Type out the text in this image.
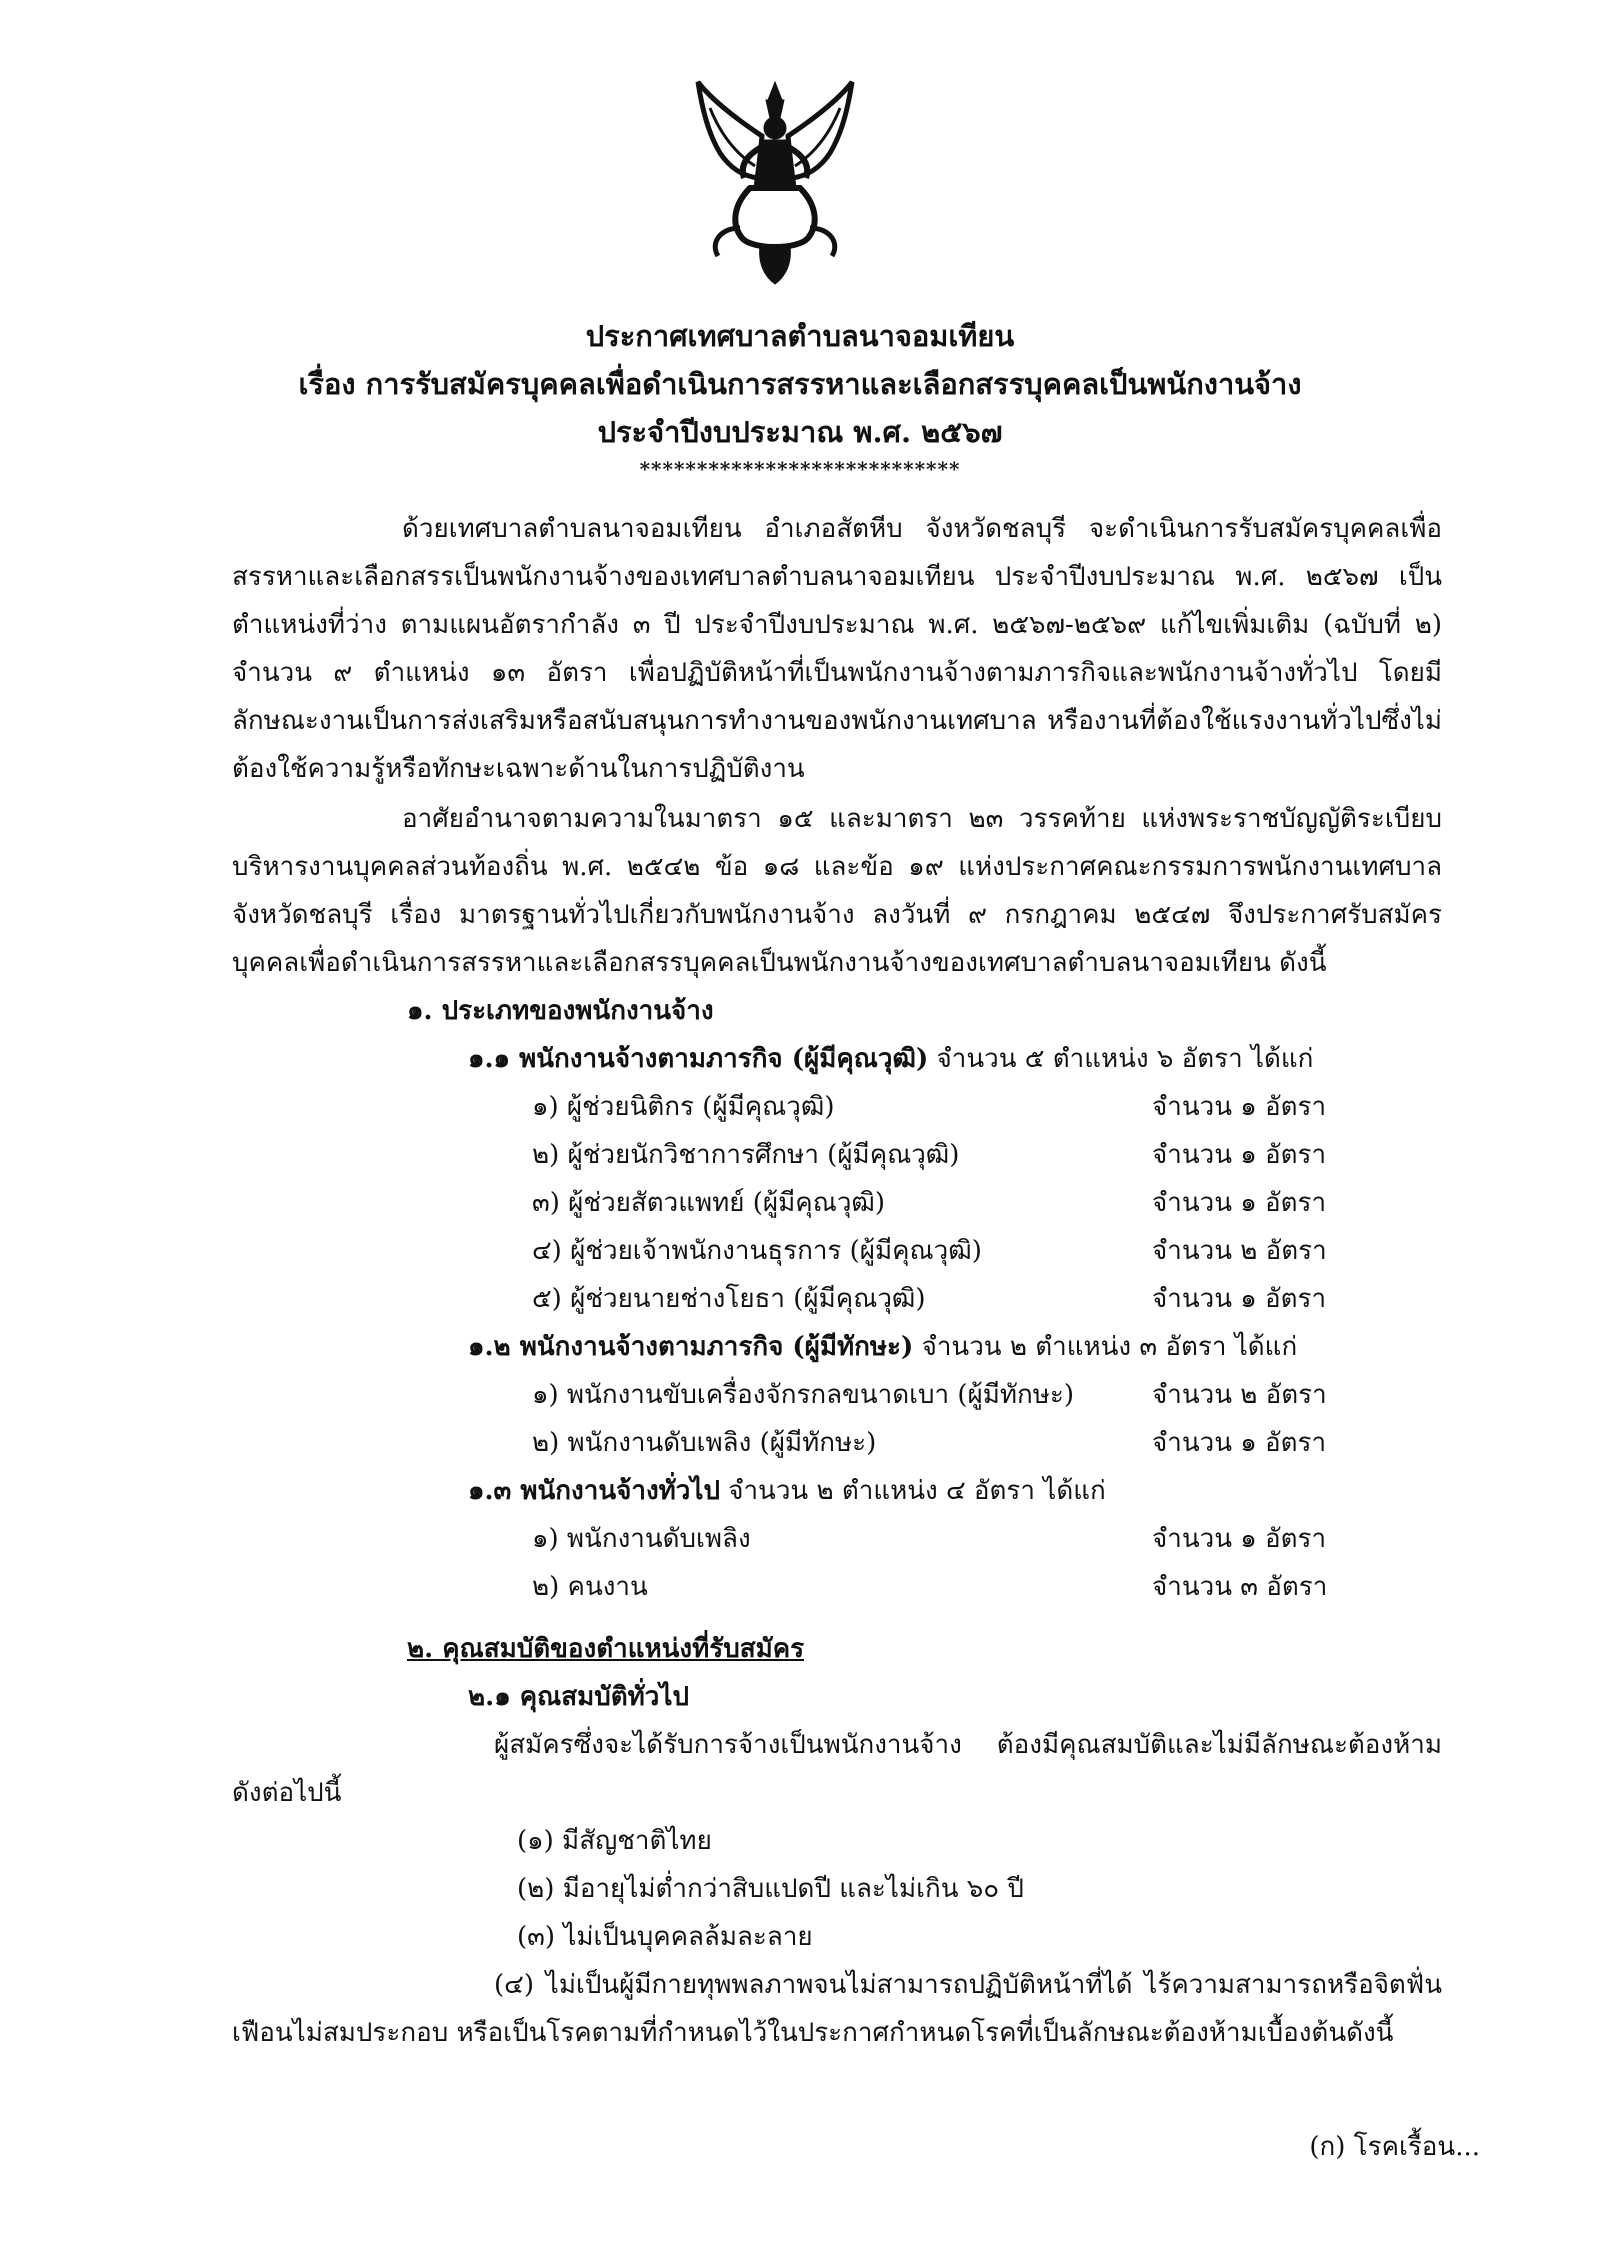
ประกาศเทศบาลตำบลนาจอมเทียน
เรื่อง การรับสมัครบุคคลเพื่อดำเนินการสรรหาและเลือกสรรบุคคลเป็นพนักงานจ้าง
ประจำปีงบประมาณ พ.ศ. ๒๕๖๗
****************************

ด้วยเทศบาลตำบลนาจอมเทียน อำเภอสัตหีบ จังหวัดชลบุรี จะดำเนินการรับสมัครบุคคลเพื่อสรรหาและเลือกสรรเป็นพนักงานจ้างของเทศบาลตำบลนาจอมเทียน ประจำปีงบประมาณ พ.ศ. ๒๕๖๗ เป็นตำแหน่งที่ว่าง ตามแผนอัตรากำลัง ๓ ปี ประจำปีงบประมาณ พ.ศ. ๒๕๖๗-๒๕๖๙ แก้ไขเพิ่มเติม (ฉบับที่ ๒) จำนวน ๙ ตำแหน่ง ๑๓ อัตรา เพื่อปฏิบัติหน้าที่เป็นพนักงานจ้างตามภารกิจและพนักงานจ้างทั่วไป โดยมีลักษณะงานเป็นการส่งเสริมหรือสนับสนุนการทำงานของพนักงานเทศบาล หรืองานที่ต้องใช้แรงงานทั่วไปซึ่งไม่ต้องใช้ความรู้หรือทักษะเฉพาะด้านในการปฏิบัติงาน

อาศัยอำนาจตามความในมาตรา ๑๕ และมาตรา ๒๓ วรรคท้าย แห่งพระราชบัญญัติระเบียบบริหารงานบุคคลส่วนท้องถิ่น พ.ศ. ๒๕๔๒ ข้อ ๑๘ และข้อ ๑๙ แห่งประกาศคณะกรรมการพนักงานเทศบาลจังหวัดชลบุรี เรื่อง มาตรฐานทั่วไปเกี่ยวกับพนักงานจ้าง ลงวันที่ ๙ กรกฎาคม ๒๕๔๗ จึงประกาศรับสมัครบุคคลเพื่อดำเนินการสรรหาและเลือกสรรบุคคลเป็นพนักงานจ้างของเทศบาลตำบลนาจอมเทียน ดังนี้

๑. ประเภทของพนักงานจ้าง
๑.๑ พนักงานจ้างตามภารกิจ (ผู้มีคุณวุฒิ) จำนวน ๕ ตำแหน่ง ๖ อัตรา ได้แก่
๑) ผู้ช่วยนิติกร (ผู้มีคุณวุฒิ)	จำนวน ๑ อัตรา
๒) ผู้ช่วยนักวิชาการศึกษา (ผู้มีคุณวุฒิ)	จำนวน ๑ อัตรา
๓) ผู้ช่วยสัตวแพทย์ (ผู้มีคุณวุฒิ)	จำนวน ๑ อัตรา
๔) ผู้ช่วยเจ้าพนักงานธุรการ (ผู้มีคุณวุฒิ)	จำนวน ๒ อัตรา
๕) ผู้ช่วยนายช่างโยธา (ผู้มีคุณวุฒิ)	จำนวน ๑ อัตรา
๑.๒ พนักงานจ้างตามภารกิจ (ผู้มีทักษะ) จำนวน ๒ ตำแหน่ง ๓ อัตรา ได้แก่
๑) พนักงานขับเครื่องจักรกลขนาดเบา (ผู้มีทักษะ)	จำนวน ๒ อัตรา
๒) พนักงานดับเพลิง (ผู้มีทักษะ)	จำนวน ๑ อัตรา
๑.๓ พนักงานจ้างทั่วไป จำนวน ๒ ตำแหน่ง ๔ อัตรา ได้แก่
๑) พนักงานดับเพลิง	จำนวน ๑ อัตรา
๒) คนงาน	จำนวน ๓ อัตรา
๒. คุณสมบัติของตำแหน่งที่รับสมัคร
๒.๑ คุณสมบัติทั่วไป

ผู้สมัครซึ่งจะได้รับการจ้างเป็นพนักงานจ้าง ต้องมีคุณสมบัติและไม่มีลักษณะต้องห้ามดังต่อไปนี้

(๑) มีสัญชาติไทย
(๒) มีอายุไม่ต่ำกว่าสิบแปดปี และไม่เกิน ๖๐ ปี
(๓) ไม่เป็นบุคคลล้มละลาย

(๔) ไม่เป็นผู้มีกายทุพพลภาพจนไม่สามารถปฏิบัติหน้าที่ได้ ไร้ความสามารถหรือจิตฟั่นเฟือนไม่สมประกอบ หรือเป็นโรคตามที่กำหนดไว้ในประกาศกำหนดโรคที่เป็นลักษณะต้องห้ามเบื้องต้นดังนี้

(ก) โรคเรื้อน...
